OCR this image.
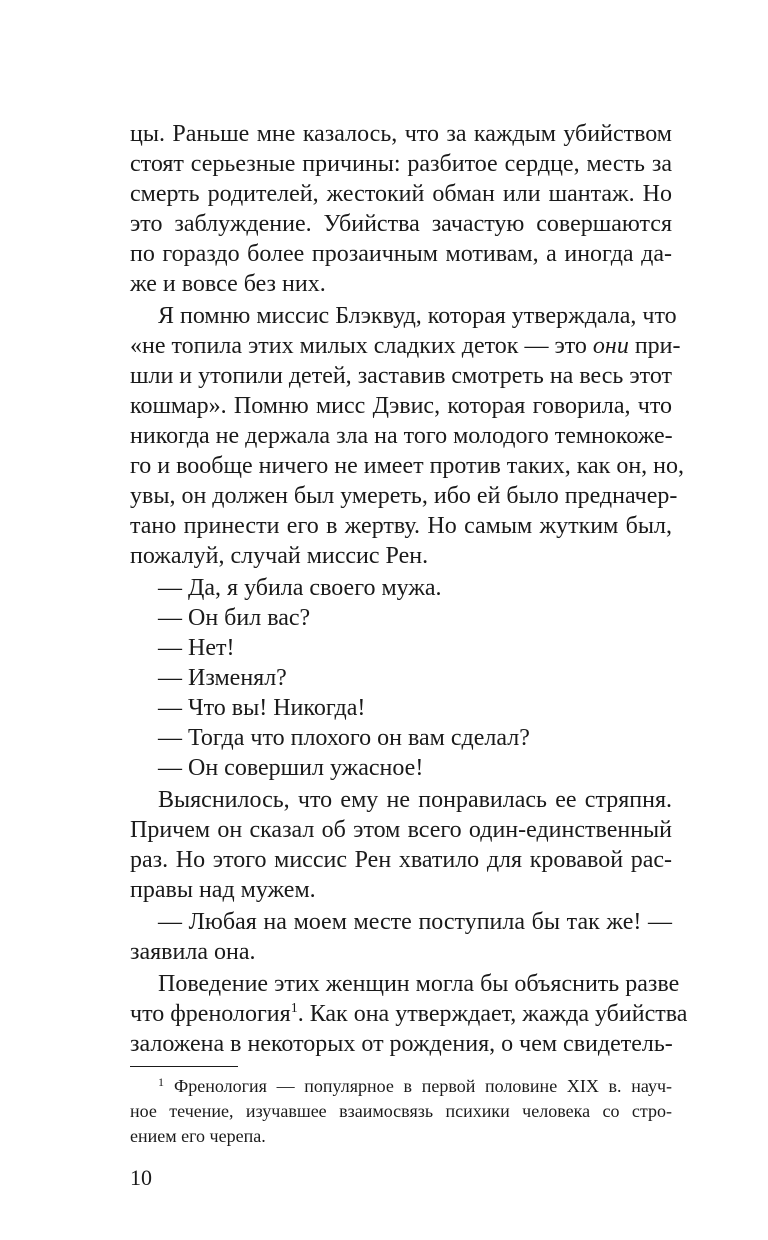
цы. Раньше мне казалось, что за каждым убийством
стоят серьезные причины: разбитое сердце, месть за
смерть родителей, жестокий обман или шантаж. Но
это заблуждение. Убийства зачастую совершаются
по гораздо более прозаичным мотивам, а иногда да-
же и вовсе без них.
Я помню миссис Блэквуд, которая утверждала, что
«не топила этих милых сладких деток — это они при-
шли и утопили детей, заставив смотреть на весь этот
кошмар». Помню мисс Дэвис, которая говорила, что
никогда не держала зла на того молодого темнокоже-
го и вообще ничего не имеет против таких, как он, но,
увы, он должен был умереть, ибо ей было предначер-
тано принести его в жертву. Но самым жутким был,
пожалуй, случай миссис Рен.
— Да, я убила своего мужа.
— Он бил вас?
— Нет!
— Изменял?
— Что вы! Никогда!
— Тогда что плохого он вам сделал?
— Он совершил ужасное!
Выяснилось, что ему не понравилась ее стряпня.
Причем он сказал об этом всего один-единственный
раз. Но этого миссис Рен хватило для кровавой рас-
правы над мужем.
— Любая на моем месте поступила бы так же! —
заявила она.
Поведение этих женщин могла бы объяснить разве
что френология$^1$. Как она утверждает, жажда убийства
заложена в некоторых от рождения, о чем свидетель-
$^1$ Френология — популярное в первой половине XIX в. науч-
ное течение, изучавшее взаимосвязь психики человека со стро-
ением его черепа.
10
